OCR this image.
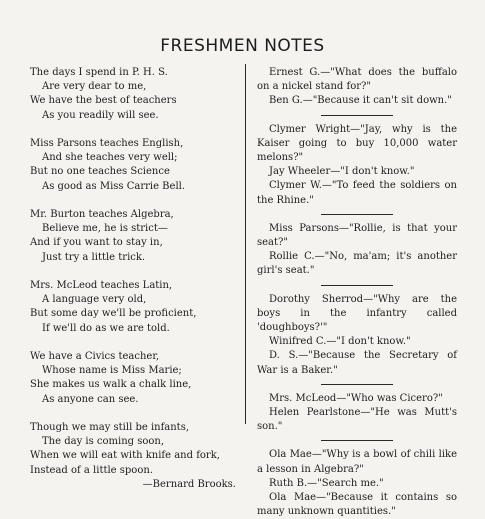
FRESHMEN NOTES
The days I spend in P. H. S.
Are very dear to me,
We have the best of teachers
As you readily will see.
Miss Parsons teaches English,
And she teaches very well;
But no one teaches Science
As good as Miss Carrie Bell.
Mr. Burton teaches Algebra,
Believe me, he is strict—
And if you want to stay in,
Just try a little trick.
Mrs. McLeod teaches Latin,
A language very old,
But some day we'll be proficient,
If we'll do as we are told.
We have a Civics teacher,
Whose name is Miss Marie;
She makes us walk a chalk line,
As anyone can see.
Though we may still be infants,
The day is coming soon,
When we will eat with knife and fork,
Instead of a little spoon.
—Bernard Brooks.

Ernest G.—"What does the buffalo on a nickel stand for?"

Ben G.—"Because it can't sit down."

Clymer Wright—"Jay, why is the Kaiser going to buy 10,000 water melons?"

Jay Wheeler—"I don't know."

Clymer W.—"To feed the soldiers on the Rhine."

Miss Parsons—"Rollie, is that your seat?"

Rollie C.—"No, ma'am; it's another girl's seat."

Dorothy Sherrod—"Why are the boys in the infantry called 'doughboys?'"

Winifred C.—"I don't know."

D. S.—"Because the Secretary of War is a Baker."

Mrs. McLeod—"Who was Cicero?"

Helen Pearlstone—"He was Mutt's son."

Ola Mae—"Why is a bowl of chili like a lesson in Algebra?"

Ruth B.—"Search me."

Ola Mae—"Because it contains so many unknown quantities."
